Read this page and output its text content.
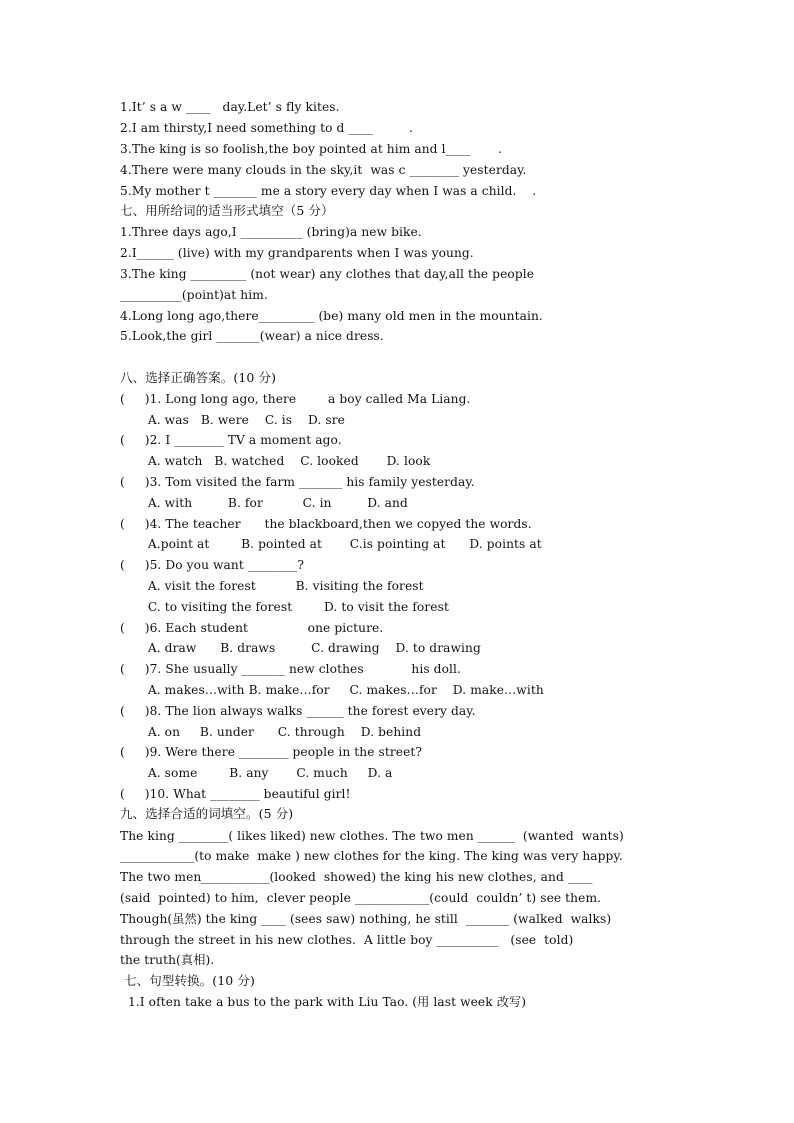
1.It’ s a w ____   day.Let’ s fly kites.
2.I am thirsty,I need something to d ____         .
3.The king is so foolish,the boy pointed at him and l____       .
4.There were many clouds in the sky,it  was c ________ yesterday.
5.My mother t _______ me a story every day when I was a child.    .
七、用所给词的适当形式填空（5 分）
1.Three days ago,I __________ (bring)a new bike.
2.I______ (live) with my grandparents when I was young.
3.The king _________ (not wear) any clothes that day,all the people
__________(point)at him.
4.Long long ago,there_________ (be) many old men in the mountain.
5.Look,the girl _______(wear) a nice dress.
八、选择正确答案。(10 分)
(     )1. Long long ago, there        a boy called Ma Liang.
A. was   B. were    C. is    D. sre
(     )2. I ________ TV a moment ago.
A. watch   B. watched    C. looked       D. look
(     )3. Tom visited the farm _______ his family yesterday.
A. with         B. for          C. in         D. and
(     )4. The teacher      the blackboard,then we copyed the words.
A.point at        B. pointed at       C.is pointing at      D. points at
(     )5. Do you want ________?
A. visit the forest          B. visiting the forest
C. to visiting the forest        D. to visit the forest
(     )6. Each student               one picture.
A. draw      B. draws         C. drawing    D. to drawing
(     )7. She usually _______ new clothes            his doll.
A. makes…with B. make…for     C. makes…for    D. make…with
(     )8. The lion always walks ______ the forest every day.
A. on     B. under      C. through    D. behind
(     )9. Were there ________ people in the street?
A. some        B. any       C. much     D. a
(     )10. What ________ beautiful girl!
九、选择合适的词填空。(5 分)
The king ________( likes liked) new clothes. The two men ______  (wanted  wants)
____________(to make  make ) new clothes for the king. The king was very happy.
The two men___________(looked  showed) the king his new clothes, and ____
(said  pointed) to him,  clever people ____________(could  couldn’ t) see them.
Though(虽然) the king ____ (sees saw) nothing, he still  _______ (walked  walks)
through the street in his new clothes.  A little boy __________   (see  told)
the truth(真相).
七、句型转换。(10 分)
1.I often take a bus to the park with Liu Tao. (用 last week 改写)
